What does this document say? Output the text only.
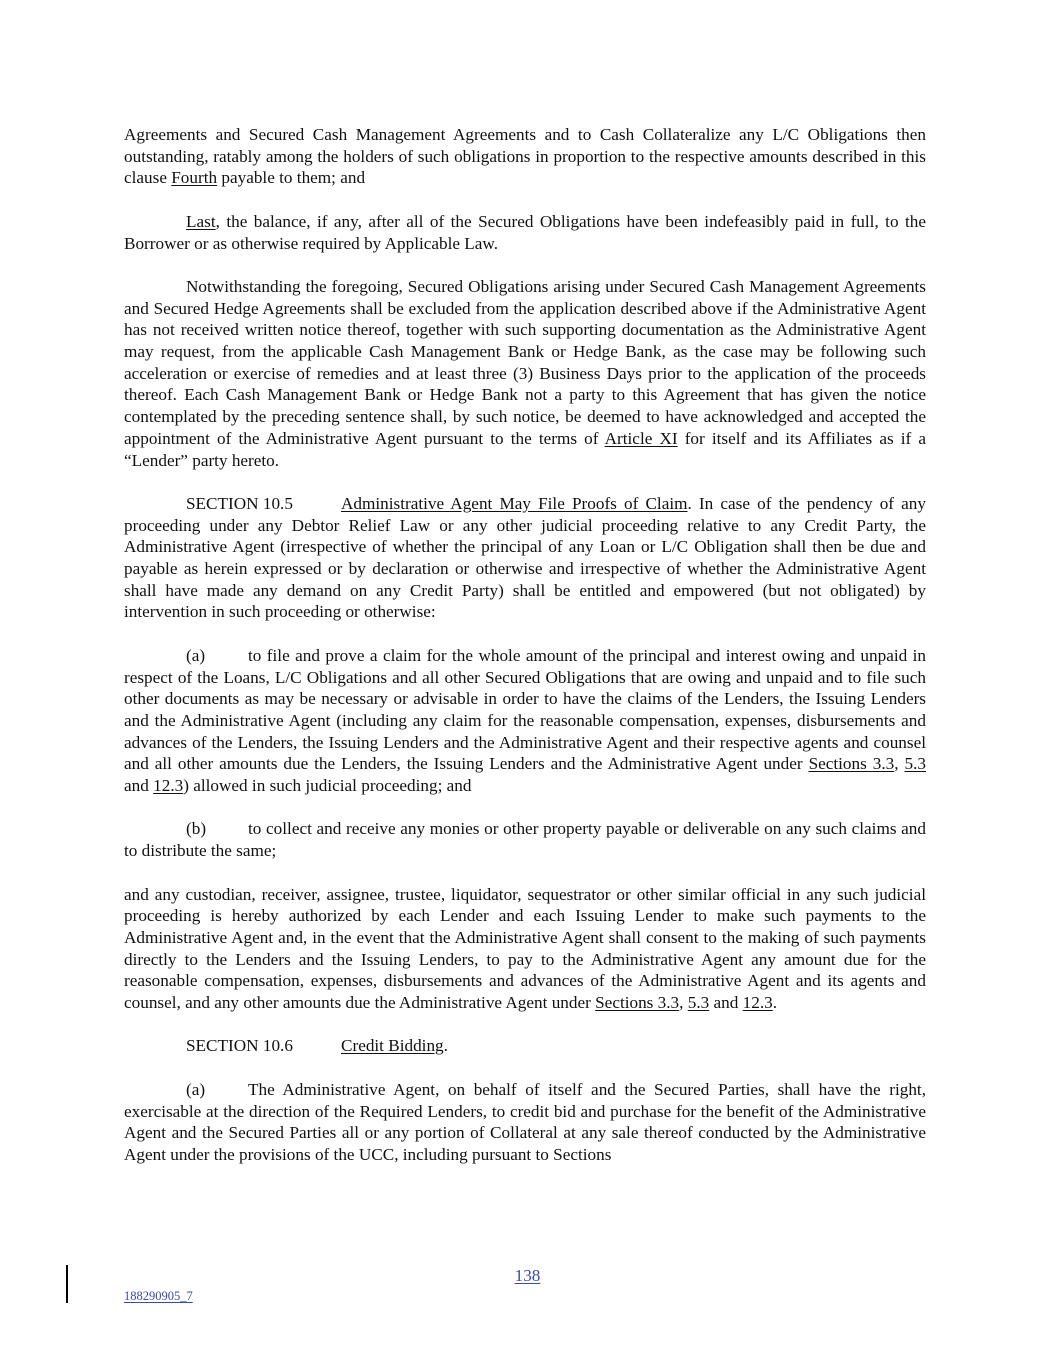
Agreements and Secured Cash Management Agreements and to Cash Collateralize any L/C Obligations then outstanding, ratably among the holders of such obligations in proportion to the respective amounts described in this clause Fourth payable to them; and

Last, the balance, if any, after all of the Secured Obligations have been indefeasibly paid in full, to the Borrower or as otherwise required by Applicable Law.

Notwithstanding the foregoing, Secured Obligations arising under Secured Cash Management Agreements and Secured Hedge Agreements shall be excluded from the application described above if the Administrative Agent has not received written notice thereof, together with such supporting documentation as the Administrative Agent may request, from the applicable Cash Management Bank or Hedge Bank, as the case may be following such acceleration or exercise of remedies and at least three (3) Business Days prior to the application of the proceeds thereof. Each Cash Management Bank or Hedge Bank not a party to this Agreement that has given the notice contemplated by the preceding sentence shall, by such notice, be deemed to have acknowledged and accepted the appointment of the Administrative Agent pursuant to the terms of Article XI for itself and its Affiliates as if a “Lender” party hereto.

SECTION 10.5	Administrative Agent May File Proofs of Claim. In case of the pendency of any proceeding under any Debtor Relief Law or any other judicial proceeding relative to any Credit Party, the Administrative Agent (irrespective of whether the principal of any Loan or L/C Obligation shall then be due and payable as herein expressed or by declaration or otherwise and irrespective of whether the Administrative Agent shall have made any demand on any Credit Party) shall be entitled and empowered (but not obligated) by intervention in such proceeding or otherwise:

(a) to file and prove a claim for the whole amount of the principal and interest owing and unpaid in respect of the Loans, L/C Obligations and all other Secured Obligations that are owing and unpaid and to file such other documents as may be necessary or advisable in order to have the claims of the Lenders, the Issuing Lenders and the Administrative Agent (including any claim for the reasonable compensation, expenses, disbursements and advances of the Lenders, the Issuing Lenders and the Administrative Agent and their respective agents and counsel and all other amounts due the Lenders, the Issuing Lenders and the Administrative Agent under Sections 3.3, 5.3 and 12.3) allowed in such judicial proceeding; and

(b) to collect and receive any monies or other property payable or deliverable on any such claims and to distribute the same;

and any custodian, receiver, assignee, trustee, liquidator, sequestrator or other similar official in any such judicial proceeding is hereby authorized by each Lender and each Issuing Lender to make such payments to the Administrative Agent and, in the event that the Administrative Agent shall consent to the making of such payments directly to the Lenders and the Issuing Lenders, to pay to the Administrative Agent any amount due for the reasonable compensation, expenses, disbursements and advances of the Administrative Agent and its agents and counsel, and any other amounts due the Administrative Agent under Sections 3.3, 5.3 and 12.3.

SECTION 10.6	Credit Bidding.

(a) The Administrative Agent, on behalf of itself and the Secured Parties, shall have the right, exercisable at the direction of the Required Lenders, to credit bid and purchase for the benefit of the Administrative Agent and the Secured Parties all or any portion of Collateral at any sale thereof conducted by the Administrative Agent under the provisions of the UCC, including pursuant to Sections

138
188290905_7
